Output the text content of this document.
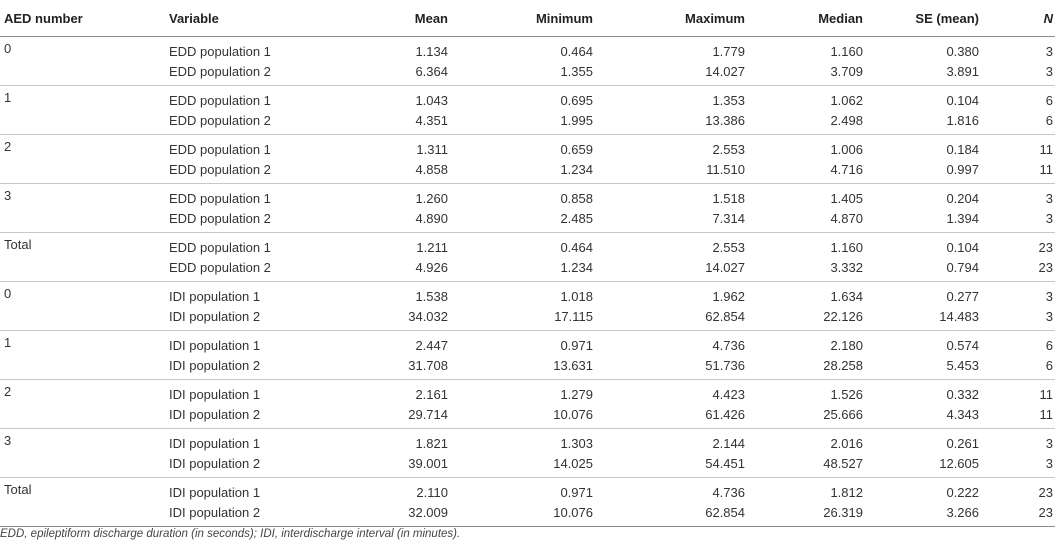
AED number	Variable	Mean	Minimum	Maximum	Median	SE (mean)	N
0	EDD population 1	1.134	0.464	1.779	1.160	0.380	3
	EDD population 2	6.364	1.355	14.027	3.709	3.891	3
1	EDD population 1	1.043	0.695	1.353	1.062	0.104	6
	EDD population 2	4.351	1.995	13.386	2.498	1.816	6
2	EDD population 1	1.311	0.659	2.553	1.006	0.184	11
	EDD population 2	4.858	1.234	11.510	4.716	0.997	11
3	EDD population 1	1.260	0.858	1.518	1.405	0.204	3
	EDD population 2	4.890	2.485	7.314	4.870	1.394	3
Total	EDD population 1	1.211	0.464	2.553	1.160	0.104	23
	EDD population 2	4.926	1.234	14.027	3.332	0.794	23
0	IDI population 1	1.538	1.018	1.962	1.634	0.277	3
	IDI population 2	34.032	17.115	62.854	22.126	14.483	3
1	IDI population 1	2.447	0.971	4.736	2.180	0.574	6
	IDI population 2	31.708	13.631	51.736	28.258	5.453	6
2	IDI population 1	2.161	1.279	4.423	1.526	0.332	11
	IDI population 2	29.714	10.076	61.426	25.666	4.343	11
3	IDI population 1	1.821	1.303	2.144	2.016	0.261	3
	IDI population 2	39.001	14.025	54.451	48.527	12.605	3
Total	IDI population 1	2.110	0.971	4.736	1.812	0.222	23
	IDI population 2	32.009	10.076	62.854	26.319	3.266	23
EDD, epileptiform discharge duration (in seconds); IDI, interdischarge interval (in minutes).
